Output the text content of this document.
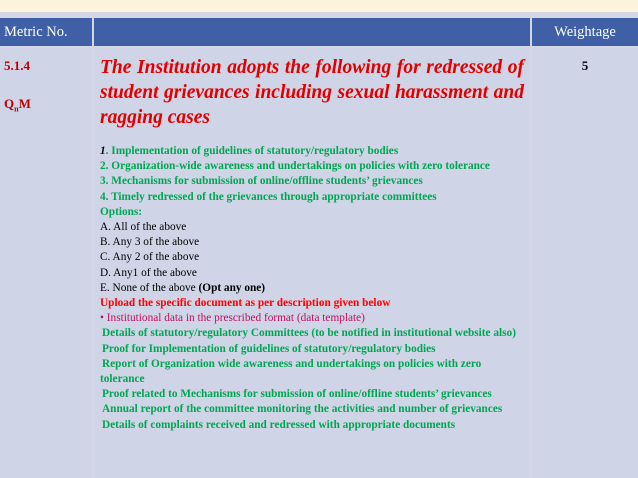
Metric No.	Weightage
5.1.4
$Q_nM$

The Institution adopts the following for redressed of student grievances including sexual harassment and ragging cases

1. Implementation of guidelines of statutory/regulatory bodies
2. Organization-wide awareness and undertakings on policies with zero tolerance
3. Mechanisms for submission of online/offline students’ grievances
4. Timely redressed of the grievances through appropriate committees
Options:
A. All of the above
B. Any 3 of the above
C. Any 2 of the above
D. Any1 of the above
E. None of the above (Opt any one)
Upload the specific document as per description given below
• Institutional data in the prescribed format (data template)
Details of statutory/regulatory Committees (to be notified in institutional website also)
Proof for Implementation of guidelines of statutory/regulatory bodies
Report of Organization wide awareness and undertakings on policies with zero tolerance
Proof related to Mechanisms for submission of online/offline students’ grievances
Annual report of the committee monitoring the activities and number of grievances
Details of complaints received and redressed with appropriate documents
5
